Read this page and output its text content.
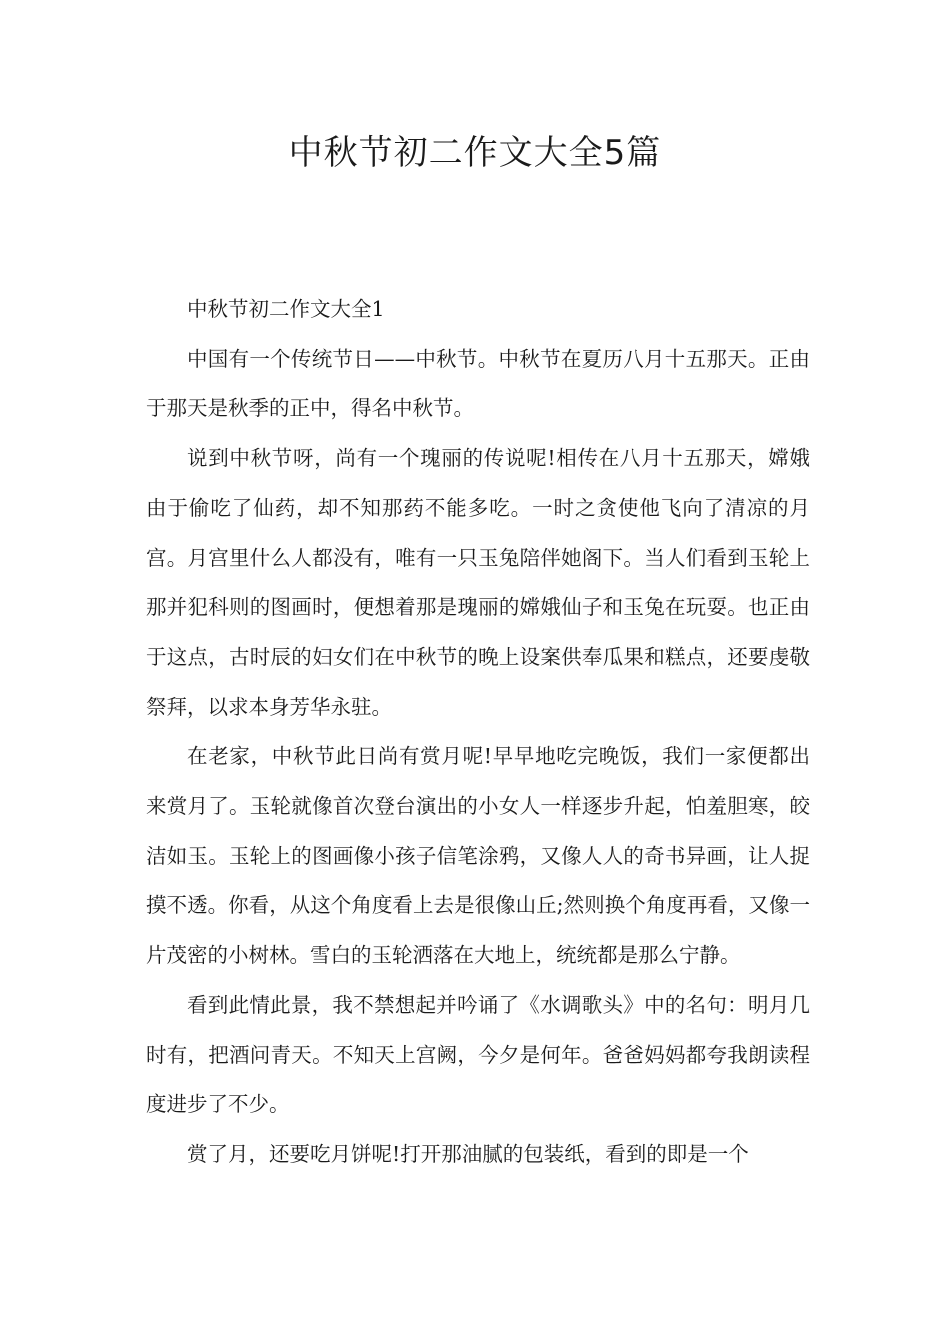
中秋节初二作文大全5篇

中秋节初二作文大全1

中国有一个传统节日——中秋节。中秋节在夏历八月十五那天。正由于那天是秋季的正中，得名中秋节。

说到中秋节呀，尚有一个瑰丽的传说呢!相传在八月十五那天，嫦娥由于偷吃了仙药，却不知那药不能多吃。一时之贪使他飞向了清凉的月宫。月宫里什么人都没有，唯有一只玉兔陪伴她阁下。当人们看到玉轮上那并犯科则的图画时，便想着那是瑰丽的嫦娥仙子和玉兔在玩耍。也正由于这点，古时辰的妇女们在中秋节的晚上设案供奉瓜果和糕点，还要虔敬祭拜，以求本身芳华永驻。

在老家，中秋节此日尚有赏月呢!早早地吃完晚饭，我们一家便都出来赏月了。玉轮就像首次登台演出的小女人一样逐步升起，怕羞胆寒，皎洁如玉。玉轮上的图画像小孩子信笔涂鸦，又像人人的奇书异画，让人捉摸不透。你看，从这个角度看上去是很像山丘;然则换个角度再看，又像一片茂密的小树林。雪白的玉轮洒落在大地上，统统都是那么宁静。

看到此情此景，我不禁想起并吟诵了《水调歌头》中的名句：明月几时有，把酒问青天。不知天上宫阙，今夕是何年。爸爸妈妈都夸我朗读程度进步了不少。

赏了月，还要吃月饼呢!打开那油腻的包装纸，看到的即是一个
